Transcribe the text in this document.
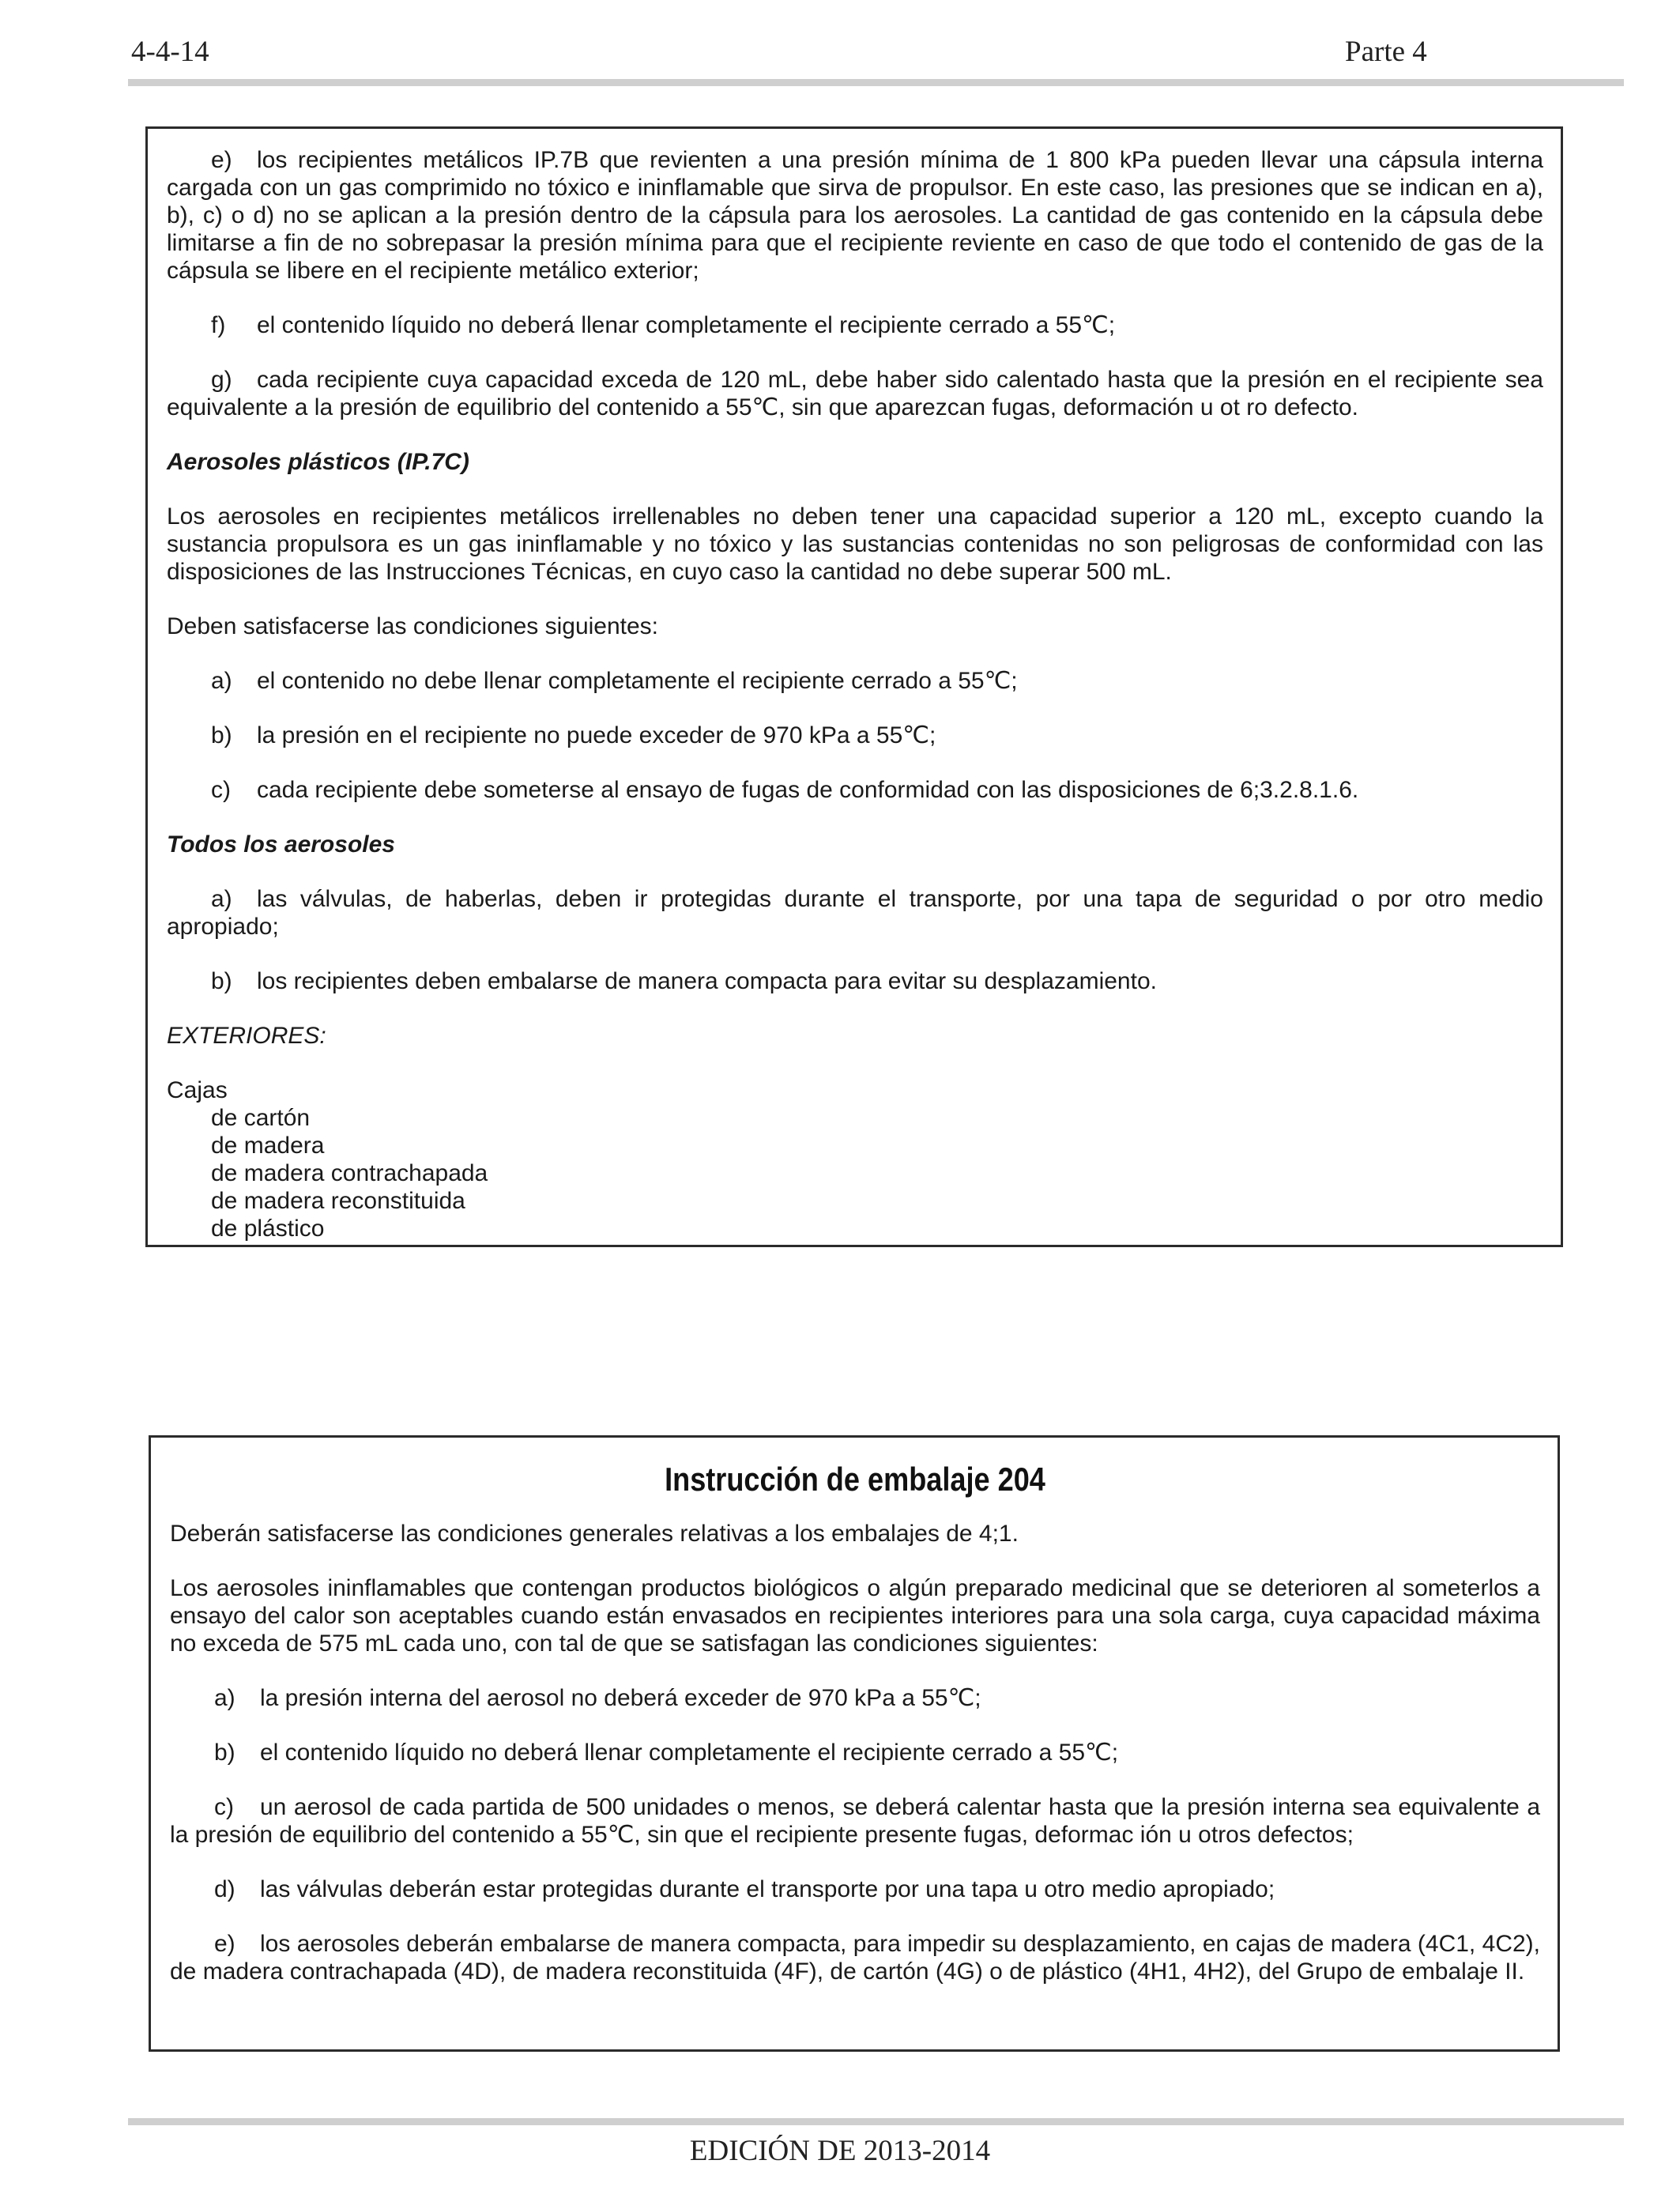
4-4-14	Parte 4

e) los recipientes metálicos IP.7B que revienten a una presión mínima de 1 800 kPa pueden llevar una cápsula interna cargada con un gas comprimido no tóxico e ininflamable que sirva de propulsor. En este caso, las presiones que se indican en a), b), c) o d) no se aplican a la presión dentro de la cápsula para los aerosoles. La cantidad de gas contenido en la cápsula debe limitarse a fin de no sobrepasar la presión mínima para que el recipiente reviente en caso de que todo el contenido de gas de la cápsula se libere en el recipiente metálico exterior;

f) el contenido líquido no deberá llenar completamente el recipiente cerrado a 55℃;

g) cada recipiente cuya capacidad exceda de 120 mL, debe haber sido calentado hasta que la presión en el recipiente sea equivalente a la presión de equilibrio del contenido a 55℃, sin que aparezcan fugas, deformación u ot ro defecto.

Aerosoles plásticos (IP.7C)

Los aerosoles en recipientes metálicos irrellenables no deben tener una capacidad superior a 120 mL, excepto cuando la sustancia propulsora es un gas ininflamable y no tóxico y las sustancias contenidas no son peligrosas de conformidad con las disposiciones de las Instrucciones Técnicas, en cuyo caso la cantidad no debe superar 500 mL.

Deben satisfacerse las condiciones siguientes:

a) el contenido no debe llenar completamente el recipiente cerrado a 55℃;

b) la presión en el recipiente no puede exceder de 970 kPa a 55℃;

c) cada recipiente debe someterse al ensayo de fugas de conformidad con las disposiciones de 6;3.2.8.1.6.

Todos los aerosoles

a) las válvulas, de haberlas, deben ir protegidas durante el transporte, por una tapa de seguridad o por otro medio apropiado;

b) los recipientes deben embalarse de manera compacta para evitar su desplazamiento.

EXTERIORES:

Cajas

de cartón

de madera

de madera contrachapada

de madera reconstituida

de plástico

Instrucción de embalaje 204

Deberán satisfacerse las condiciones generales relativas a los embalajes de 4;1.

Los aerosoles ininflamables que contengan productos biológicos o algún preparado medicinal que se deterioren al someterlos a ensayo del calor son aceptables cuando están envasados en recipientes interiores para una sola carga, cuya capacidad máxima no exceda de 575 mL cada uno, con tal de que se satisfagan las condiciones siguientes:

a) la presión interna del aerosol no deberá exceder de 970 kPa a 55℃;

b) el contenido líquido no deberá llenar completamente el recipiente cerrado a 55℃;

c) un aerosol de cada partida de 500 unidades o menos, se deberá calentar hasta que la presión interna sea equivalente a la presión de equilibrio del contenido a 55℃, sin que el recipiente presente fugas, deformac ión u otros defectos;

d) las válvulas deberán estar protegidas durante el transporte por una tapa u otro medio apropiado;

e) los aerosoles deberán embalarse de manera compacta, para impedir su desplazamiento, en cajas de madera (4C1, 4C2), de madera contrachapada (4D), de madera reconstituida (4F), de cartón (4G) o de plástico (4H1, 4H2), del Grupo de embalaje II.

EDICIÓN DE 2013-2014
